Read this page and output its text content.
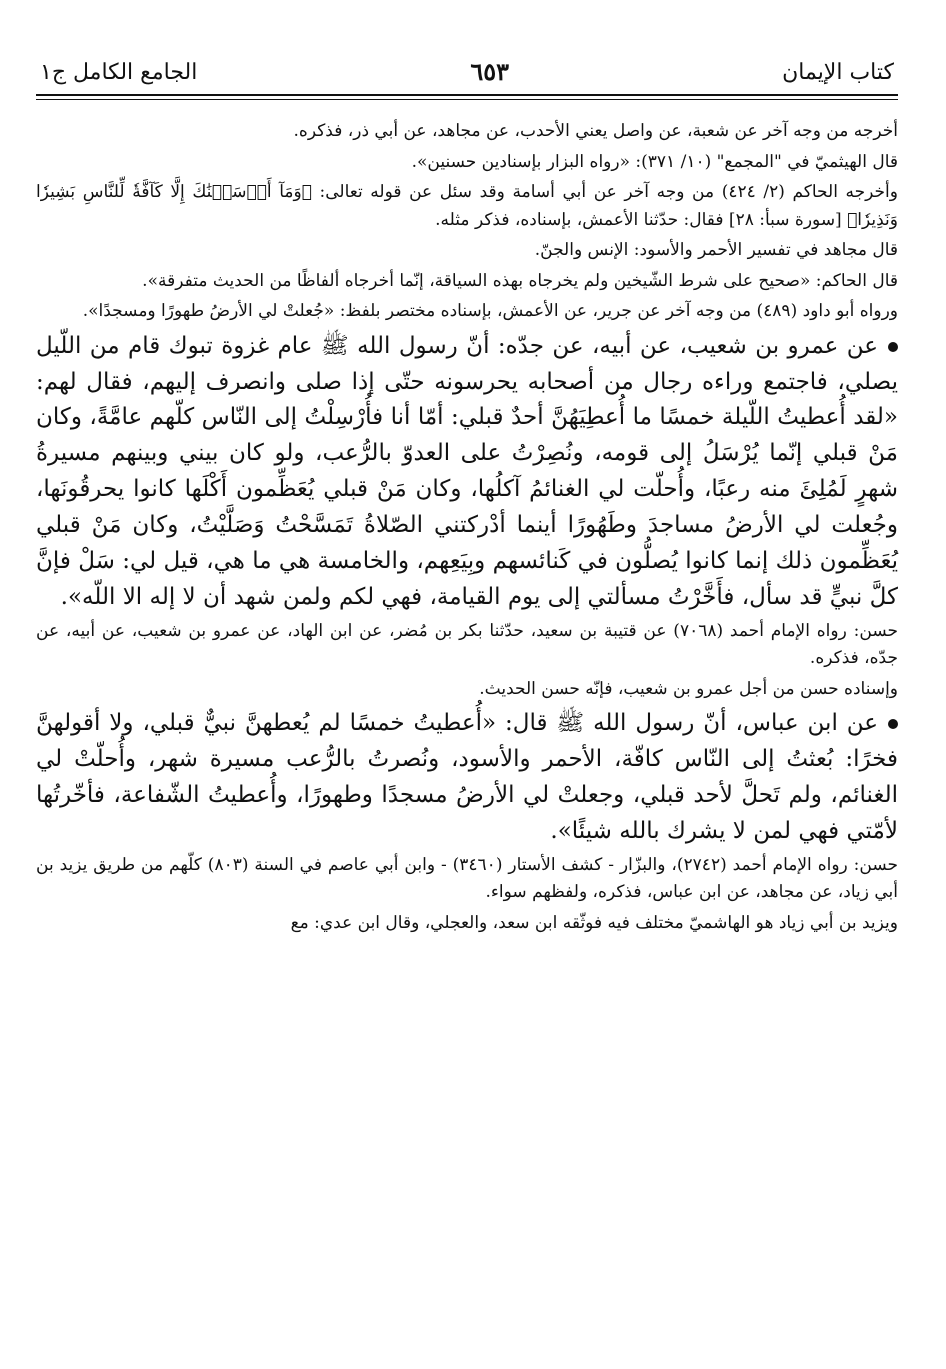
كتاب الإيمان
٦٥٣
الجامع الكامل ج١

أخرجه من وجه آخر عن شعبة، عن واصل يعني الأحدب، عن مجاهد، عن أبي ذر، فذكره.

قال الهيثميّ في "المجمع" (١٠/ ٣٧١): «رواه البزار بإسنادين حسنين».

وأخرجه الحاكم (٢/ ٤٢٤) من وجه آخر عن أبي أسامة وقد سئل عن قوله تعالى: ﴿وَمَآ أَرۡسَلۡنَٰكَ إِلَّا كَآفَّةٗ لِّلنَّاسِ بَشِيرٗا وَنَذِيرٗا﴾ [سورة سبأ: ٢٨] فقال: حدّثنا الأعمش، بإسناده، فذكر مثله.

قال مجاهد في تفسير الأحمر والأسود: الإنس والجنّ.

قال الحاكم: «صحيح على شرط الشّيخين ولم يخرجاه بهذه السياقة، إنّما أخرجاه ألفاظًا من الحديث متفرقة».

ورواه أبو داود (٤٨٩) من وجه آخر عن جرير، عن الأعمش، بإسناده مختصر بلفظ: «جُعلتْ لي الأرضُ طهورًا ومسجدًا».

عن عمرو بن شعيب، عن أبيه، عن جدّه: أنّ رسول الله ﷺ عام غزوة تبوك قام من اللّيل يصلي، فاجتمع وراءه رجال من أصحابه يحرسونه حتّى إذا صلى وانصرف إليهم، فقال لهم: «لقد أُعطيتُ اللّيلة خمسًا ما أُعطِيَهُنَّ أحدٌ قبلي: أمّا أنا فأُرْسِلْتُ إلى النّاس كلّهم عامَّةً، وكان مَنْ قبلي إنّما يُرْسَلُ إلى قومه، ونُصِرْتُ على العدوّ بالرُّعب، ولو كان بيني وبينهم مسيرةُ شهرٍ لَمُلِئَ منه رعبًا، وأُحلّت لي الغنائمُ آكلُها، وكان مَنْ قبلي يُعَظِّمون أَكْلَها كانوا يحرقُونَها، وجُعلت لي الأرضُ مساجدَ وطَهُورًا أينما أدْركتني الصّلاةُ تَمَسَّحْتُ وَصَلَّيْتُ، وكان مَنْ قبلي يُعَظِّمون ذلك إنما كانوا يُصلُّون في كَنائسهم وبِيَعِهم، والخامسة هي ما هي، قيل لي: سَلْ فإنَّ كلَّ نبيٍّ قد سأل، فأَخَّرْتُ مسألتي إلى يوم القيامة، فهي لكم ولمن شهد أن لا إله الا اللّه».

حسن: رواه الإمام أحمد (٧٠٦٨) عن قتيبة بن سعيد، حدّثنا بكر بن مُضر، عن ابن الهاد، عن عمرو بن شعيب، عن أبيه، عن جدّه، فذكره.

وإسناده حسن من أجل عمرو بن شعيب، فإنّه حسن الحديث.

عن ابن عباس، أنّ رسول الله ﷺ قال: «أُعطيتُ خمسًا لم يُعطهنَّ نبيٌّ قبلي، ولا أقولهنَّ فخرًا: بُعثتُ إلى النّاس كافّة، الأحمر والأسود، ونُصرتُ بالرُّعب مسيرة شهر، وأُحلّتْ لي الغنائم، ولم تَحلَّ لأحد قبلي، وجعلتْ لي الأرضُ مسجدًا وطهورًا، وأُعطيتُ الشّفاعة، فأخّرتُها لأمّتي فهي لمن لا يشرك بالله شيئًا».

حسن: رواه الإمام أحمد (٢٧٤٢)، والبزّار - كشف الأستار (٣٤٦٠) - وابن أبي عاصم في السنة (٨٠٣) كلّهم من طريق يزيد بن أبي زياد، عن مجاهد، عن ابن عباس، فذكره، ولفظهم سواء.

ويزيد بن أبي زياد هو الهاشميّ مختلف فيه فوثّقه ابن سعد، والعجلي، وقال ابن عدي: مع
